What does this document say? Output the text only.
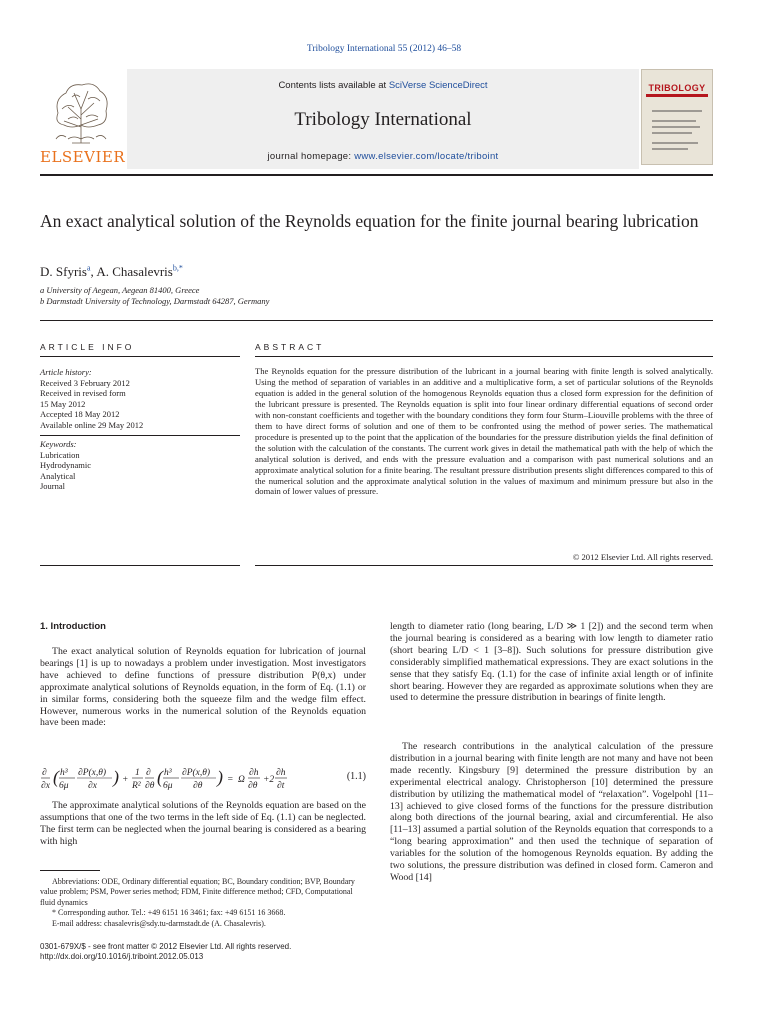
Tribology International 55 (2012) 46–58
ELSEVIER
Contents lists available at SciVerse ScienceDirect
Tribology International
journal homepage: www.elsevier.com/locate/triboint
TRIBOLOGY
An exact analytical solution of the Reynolds equation for the finite journal bearing lubrication
D. Sfyris$^a$, A. Chasalevris$^{b,*}$
a University of Aegean, Aegean 81400, Greece
b Darmstadt University of Technology, Darmstadt 64287, Germany
ARTICLE INFO
Article history:
Received 3 February 2012
Received in revised form
15 May 2012
Accepted 18 May 2012
Available online 29 May 2012
Keywords:
Lubrication
Hydrodynamic
Analytical
Journal
ABSTRACT
The Reynolds equation for the pressure distribution of the lubricant in a journal bearing with finite length is solved analytically. Using the method of separation of variables in an additive and a multiplicative form, a set of particular solutions of the Reynolds equation is added in the general solution of the homogenous Reynolds equation thus a closed form expression for the definition of the lubricant pressure is presented. The Reynolds equation is split into four linear ordinary differential equations of second order with non-constant coefficients and together with the boundary conditions they form four Sturm–Liouville problems with the three of them to have direct forms of solution and one of them to be confronted using the method of power series. The mathematical procedure is presented up to the point that the application of the boundaries for the pressure distribution yields the final definition of the solution with the calculation of the constants. The current work gives in detail the mathematical path with the help of which the analytical solution is derived, and ends with the pressure evaluation and a comparison with past numerical solutions and an approximate analytical solution for a finite bearing. The resultant pressure distribution presents slight differences compared to this of the numerical solution and the approximate analytical solution in the values of maximum and minimum pressure but also in the domain of lower values of pressure.
© 2012 Elsevier Ltd. All rights reserved.
1. Introduction
The exact analytical solution of Reynolds equation for lubrication of journal bearings [1] is up to nowadays a problem under investigation. Most investigators have achieved to define functions of pressure distribution P(θ,x) under approximate analytical solutions of Reynolds equation, in the form of Eq. (1.1) or in similar forms, considering both the squeeze film and the wedge film effect. However, numerous works in the numerical solution of the Reynolds equation have been made:
∂
∂x ( h³
6μ
∂P(x,θ)
∂x ) +
1
R²
∂
∂θ ( h³
6μ
∂P(x,θ)
∂θ ) = Ω
∂h
∂θ
+2
∂h
∂t
(1.1)
The approximate analytical solutions of the Reynolds equation are based on the assumptions that one of the two terms in the left side of Eq. (1.1) can be neglected. The first term can be neglected when the journal bearing is considered as a bearing with high
Abbreviations: ODE, Ordinary differential equation; BC, Boundary condition; BVP, Boundary value problem; PSM, Power series method; FDM, Finite difference method; CFD, Computational fluid dynamics
* Corresponding author. Tel.: +49 6151 16 3461; fax: +49 6151 16 3668.
E-mail address: chasalevris@sdy.tu-darmstadt.de (A. Chasalevris).
0301-679X/$ - see front matter © 2012 Elsevier Ltd. All rights reserved.
http://dx.doi.org/10.1016/j.triboint.2012.05.013
length to diameter ratio (long bearing, L/D ≫ 1 [2]) and the second term when the journal bearing is considered as a bearing with low length to diameter ratio (short bearing L/D < 1 [3–8]). Such solutions for pressure distribution give considerably simplified mathematical expressions. They are exact solutions in the sense that they satisfy Eq. (1.1) for the case of infinite axial length or of infinite short bearing. However they are regarded as approximate solutions when they are used to determine the pressure distribution in bearings of finite length.
The research contributions in the analytical calculation of the pressure distribution in a journal bearing with finite length are not many and have not been made recently. Kingsbury [9] determined the pressure distribution by an experimental electrical analogy. Christopherson [10] determined the pressure distribution by utilizing the mathematical model of “relaxation”. Vogelpohl [11–13] achieved to give closed forms of the functions for the pressure distribution along both directions of the journal bearing, axial and circumferential. He also [11–13] assumed a partial solution of the Reynolds equation that corresponds to a “long bearing approximation” and then used the technique of separation of variables for the solution of the homogenous Reynolds equation. By adding the two solutions, the pressure distribution was defined in closed form. Cameron and Wood [14]
